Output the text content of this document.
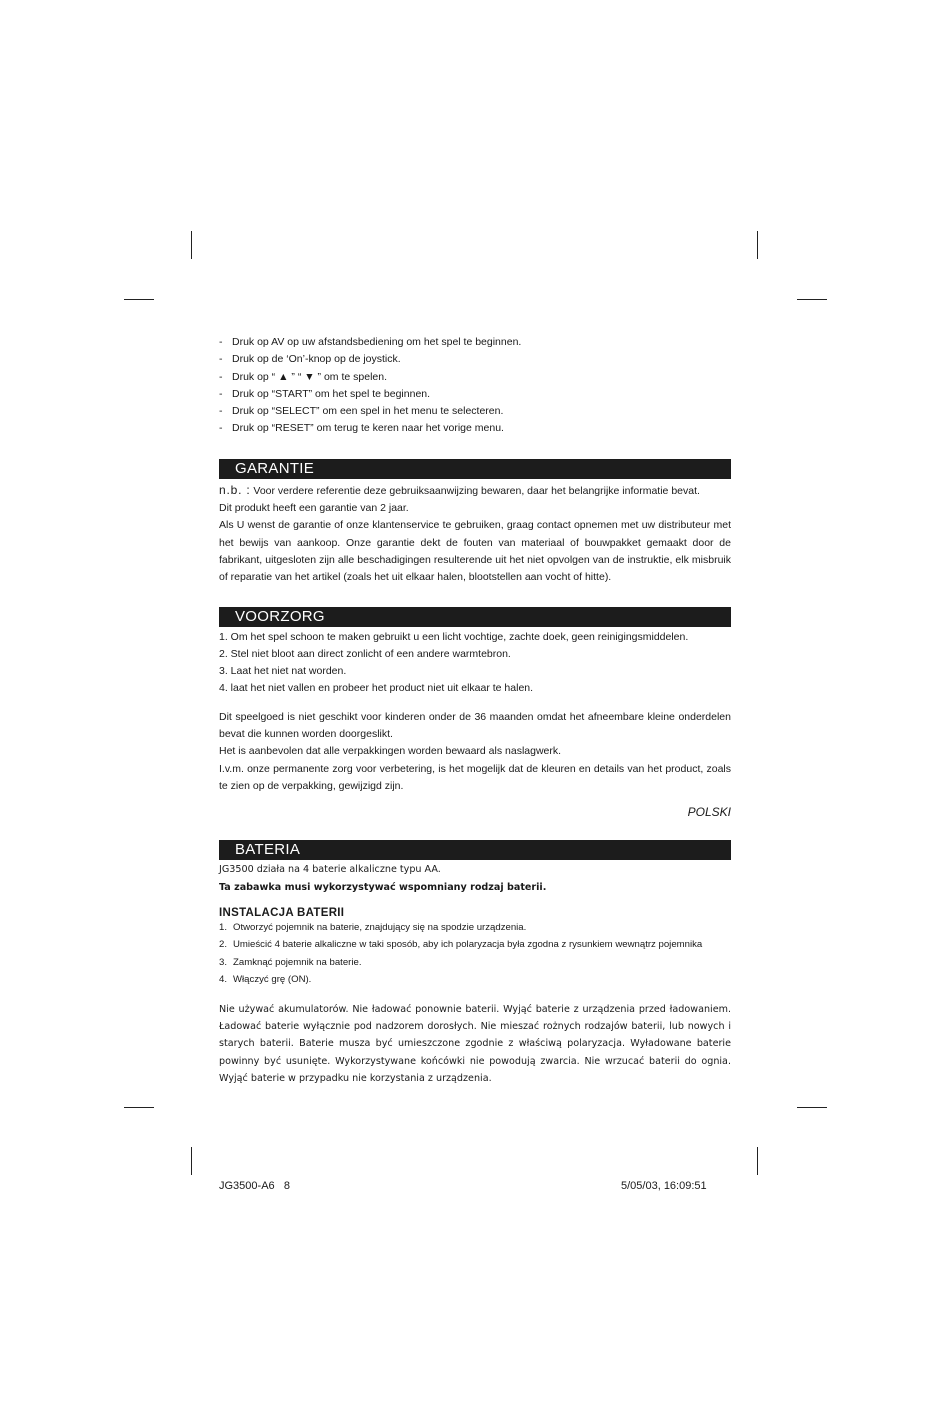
- Druk op AV op uw afstandsbediening om het spel te beginnen.
- Druk op de ‘On’-knop op de joystick.
- Druk op “ ▲ ” “ ▼ ” om te spelen.
- Druk op “START” om het spel te beginnen.
- Druk op “SELECT” om een spel in het menu te selecteren.
- Druk op “RESET” om terug te keren naar het vorige menu.
GARANTIE

n.b. : Voor verdere referentie deze gebruiksaanwijzing bewaren, daar het belangrijke informatie bevat.

Dit produkt heeft een garantie van 2 jaar.

Als U wenst de garantie of onze klantenservice te gebruiken, graag contact opnemen met uw distributeur met het bewijs van aankoop. Onze garantie dekt de fouten van materiaal of bouwpakket gemaakt door de fabrikant, uitgesloten zijn alle beschadigingen resulterende uit het niet opvolgen van de instruktie, elk misbruik of reparatie van het artikel (zoals het uit elkaar halen, blootstellen aan vocht of hitte).

VOORZORG

1. Om het spel schoon te maken gebruikt u een licht vochtige, zachte doek, geen reinigingsmiddelen.

2. Stel niet bloot aan direct zonlicht of een andere warmtebron.

3. Laat het niet nat worden.

4. laat het niet vallen en probeer het product niet uit elkaar te halen.

Dit speelgoed is niet geschikt voor kinderen onder de 36 maanden omdat het afneembare kleine onderdelen bevat die kunnen worden doorgeslikt.

Het is aanbevolen dat alle verpakkingen worden bewaard als naslagwerk.

I.v.m. onze permanente zorg voor verbetering, is het mogelijk dat de kleuren en details van het product, zoals te zien op de verpakking, gewijzigd zijn.

POLSKI
BATERIA
JG3500 działa na 4 baterie alkaliczne typu AA.
Ta zabawka musi wykorzystywać wspomniany rodzaj baterii.
INSTALACJA BATERII
1. Otworzyć pojemnik na baterie, znajdujący się na spodzie urządzenia.
2. Umieścić 4 baterie alkaliczne w taki sposób, aby ich polaryzacja była zgodna z rysunkiem wewnątrz pojemnika
3. Zamknąć pojemnik na baterie.
4. Włączyć grę (ON).

Nie używać akumulatorów. Nie ładować ponownie baterii. Wyjąć baterie z urządzenia przed ładowaniem. Ładować baterie wyłącznie pod nadzorem dorosłych. Nie mieszać rożnych rodzajów baterii, lub nowych i starych baterii. Baterie musza być umieszczone zgodnie z właściwą polaryzacja. Wyładowane baterie powinny być usunięte. Wykorzystywane końcówki nie powodują zwarcia. Nie wrzucać baterii do ognia. Wyjąć baterie w przypadku nie korzystania z urządzenia.

JG3500-A6   8	5/05/03, 16:09:51
